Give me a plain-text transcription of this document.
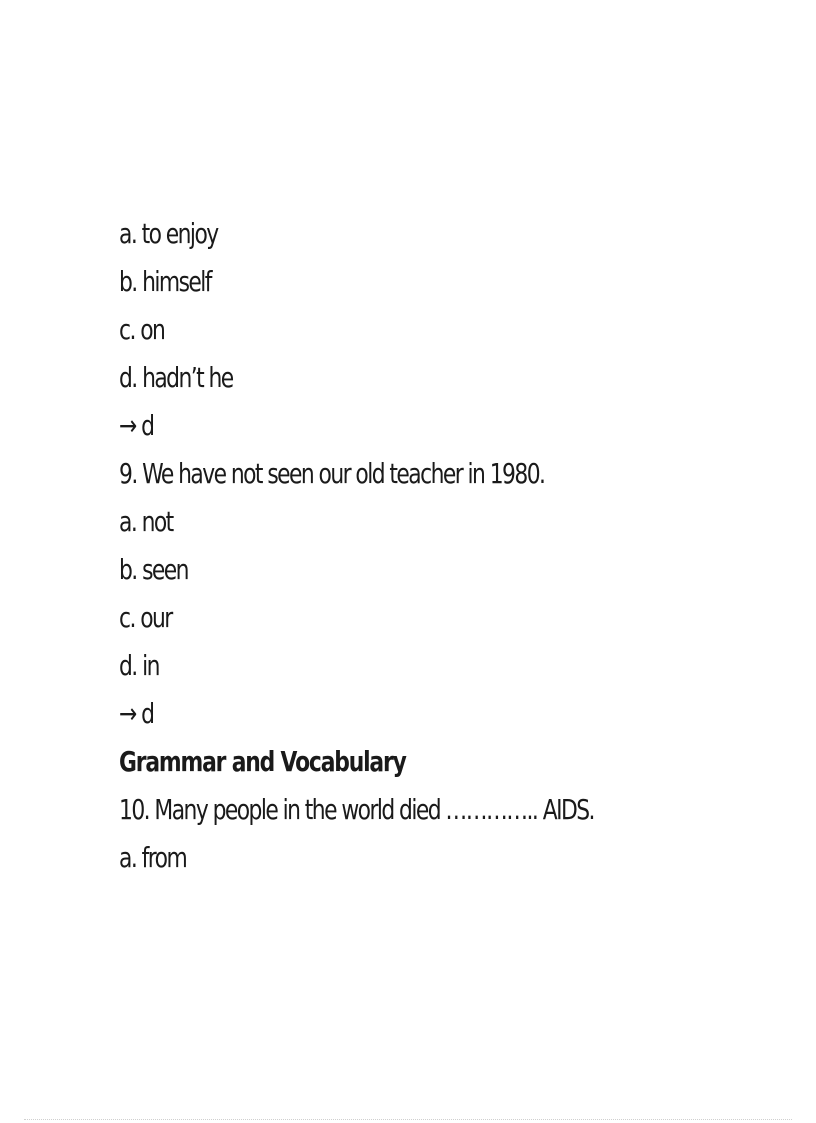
a. to enjoy
b. himself
c. on
d. hadn’t he
→ d
9. We have not seen our old teacher in 1980.
a. not
b. seen
c. our
d. in
→ d
Grammar and Vocabulary
10. Many people in the world died ………….. AIDS.
a. from
